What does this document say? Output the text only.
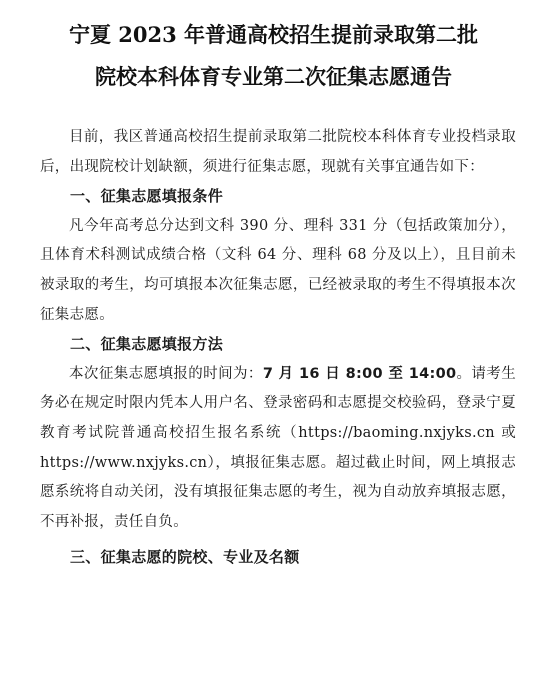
宁夏 2023 年普通高校招生提前录取第二批
院校本科体育专业第二次征集志愿通告

目前，我区普通高校招生提前录取第二批院校本科体育专业投档录取后，出现院校计划缺额，须进行征集志愿，现就有关事宜通告如下：

一、征集志愿填报条件

凡今年高考总分达到文科 390 分、理科 331 分（包括政策加分），且体育术科测试成绩合格（文科 64 分、理科 68 分及以上），且目前未被录取的考生，均可填报本次征集志愿，已经被录取的考生不得填报本次征集志愿。

二、征集志愿填报方法

本次征集志愿填报的时间为：7 月 16 日 8:00 至 14:00。请考生务必在规定时限内凭本人用户名、登录密码和志愿提交校验码，登录宁夏教育考试院普通高校招生报名系统（https://baoming.nxjyks.cn 或 https://www.nxjyks.cn），填报征集志愿。超过截止时间，网上填报志愿系统将自动关闭，没有填报征集志愿的考生，视为自动放弃填报志愿，不再补报，责任自负。

三、征集志愿的院校、专业及名额
